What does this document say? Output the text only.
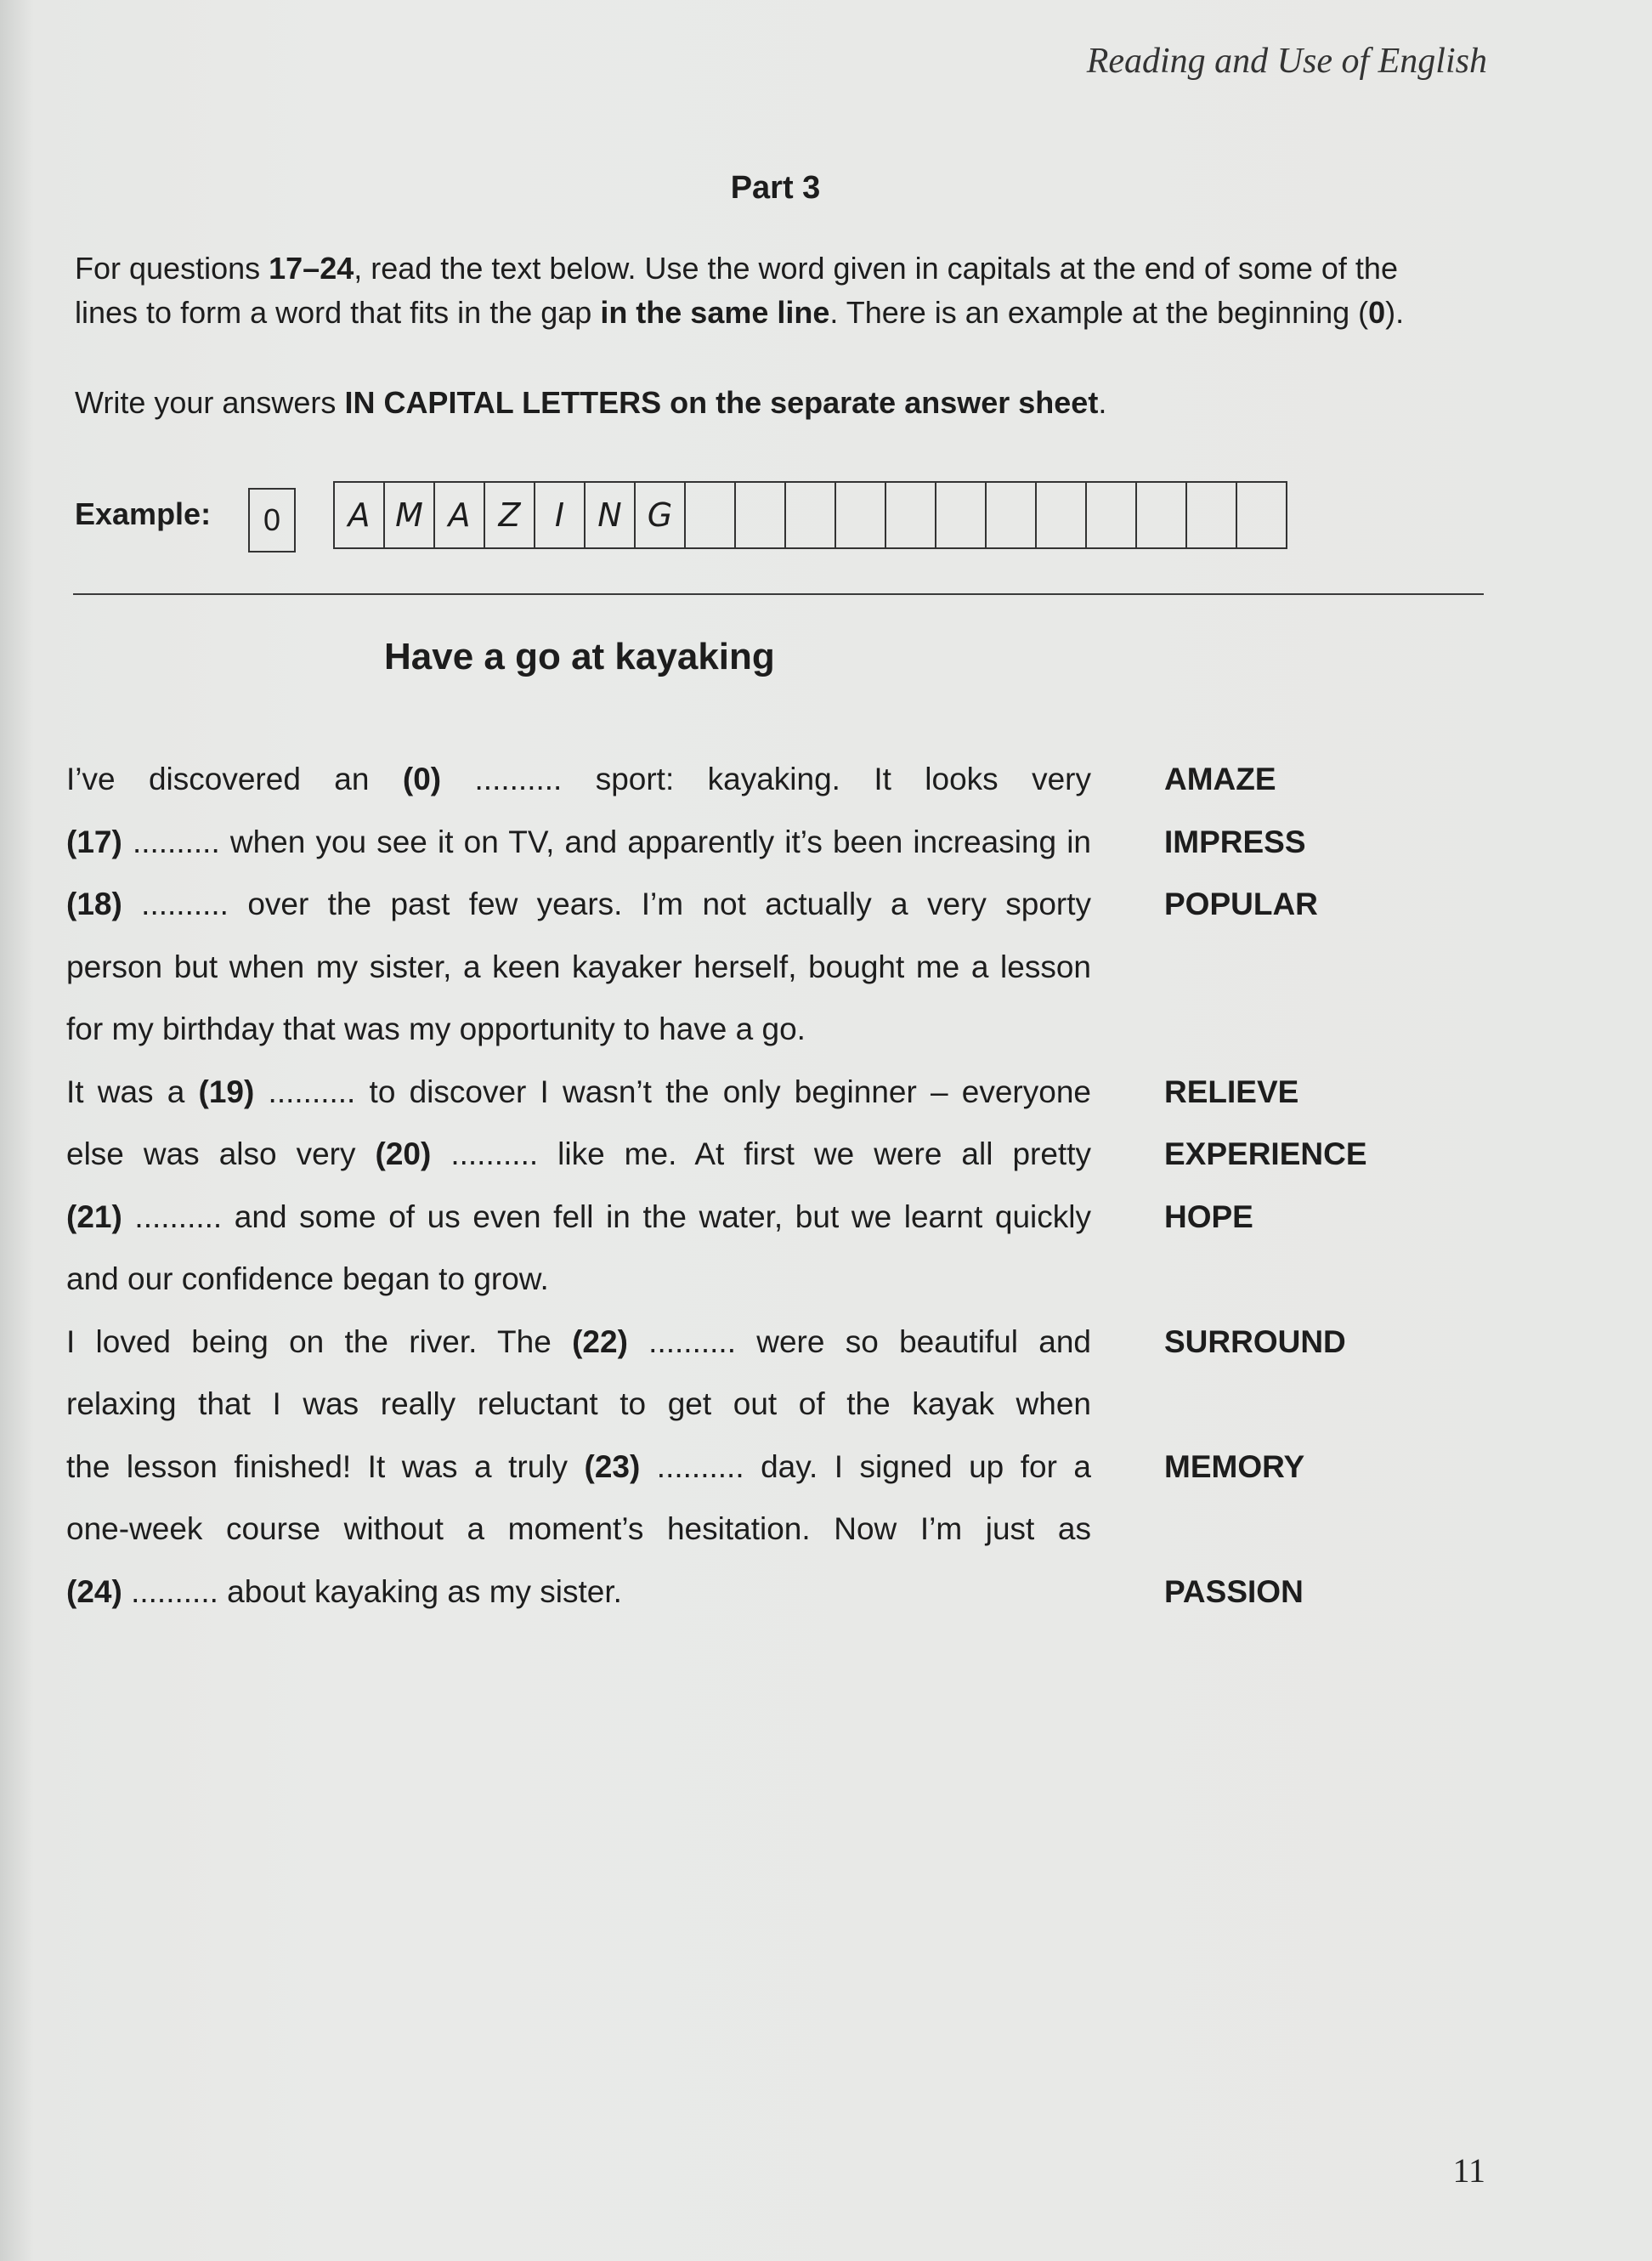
Reading and Use of English
Part 3

For questions 17–24, read the text below. Use the word given in capitals at the end of some of the
lines to form a word that fits in the gap in the same line. There is an example at the beginning (0).

Write your answers IN CAPITAL LETTERS on the separate answer sheet.

Example:	0	A M A Z	I	N G
Have a go at kayaking
I’ve discovered an (0) .......... sport: kayaking. It looks very AMAZE
(17) .......... when you see it on TV, and apparently it’s been increasing in IMPRESS
(18) .......... over the past few years. I’m not actually a very sporty POPULAR
person but when my sister, a keen kayaker herself, bought me a lesson
for my birthday that was my opportunity to have a go.
It was a (19) .......... to discover I wasn’t the only beginner – everyone RELIEVE
else was also very (20) .......... like me. At first we were all pretty EXPERIENCE
(21) .......... and some of us even fell in the water, but we learnt quickly HOPE
and our confidence began to grow.
I loved being on the river. The (22) .......... were so beautiful and SURROUND
relaxing that I was really reluctant to get out of the kayak when
the lesson finished! It was a truly (23) .......... day. I signed up for a MEMORY
one-week course without a moment’s hesitation. Now I’m just as
(24) .......... about kayaking as my sister.	PASSION
11
